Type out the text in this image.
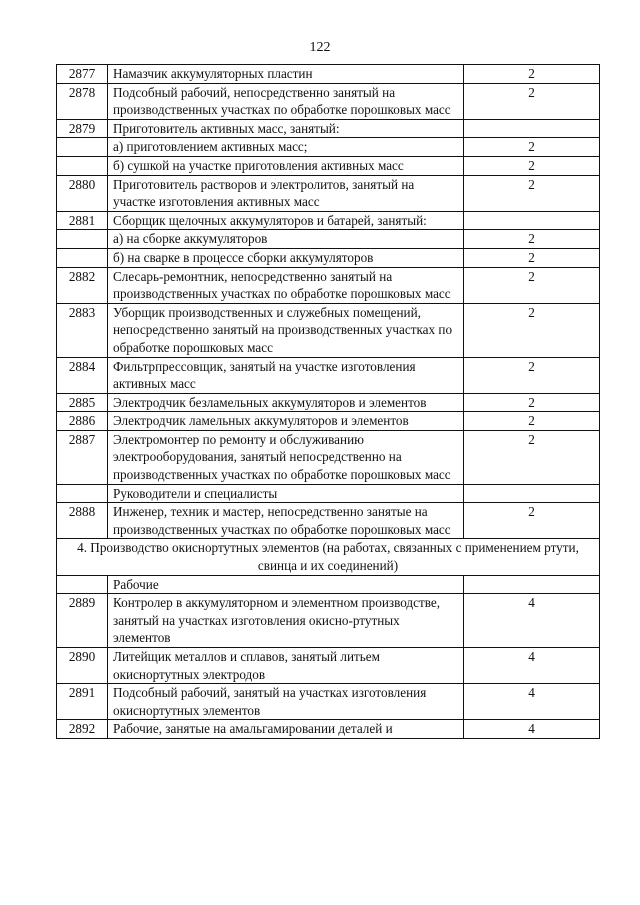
122
2877	Намазчик аккумуляторных пластин	2
2878	Подсобный рабочий, непосредственно занятый на производственных участках по обработке порошковых масс	2
2879	Приготовитель активных масс, занятый:	
	а) приготовлением активных масс;	2
	б) сушкой на участке приготовления активных масс	2
2880	Приготовитель растворов и электролитов, занятый на участке изготовления активных масс	2
2881	Сборщик щелочных аккумуляторов и батарей, занятый:	
	а) на сборке аккумуляторов	2
	б) на сварке в процессе сборки аккумуляторов	2
2882	Слесарь-ремонтник, непосредственно занятый на производственных участках по обработке порошковых масс	2
2883	Уборщик производственных и служебных помещений, непосредственно занятый на производственных участках по обработке порошковых масс	2
2884	Фильтрпрессовщик, занятый на участке изготовления активных масс	2
2885	Электродчик безламельных аккумуляторов и элементов	2
2886	Электродчик ламельных аккумуляторов и элементов	2
2887	Электромонтер по ремонту и обслуживанию электрооборудования, занятый непосредственно на производственных участках по обработке порошковых масс	2
	Руководители и специалисты	
2888	Инженер, техник и мастер, непосредственно занятые на производственных участках по обработке порошковых масс	2
4. Производство окиснортутных элементов (на работах, связанных с применением ртути, свинца и их соединений)		
	Рабочие	
2889	Контролер в аккумуляторном и элементном производстве, занятый на участках изготовления окисно-ртутных элементов	4
2890	Литейщик металлов и сплавов, занятый литьем окиснортутных электродов	4
2891	Подсобный рабочий, занятый на участках изготовления окиснортутных элементов	4
2892	Рабочие, занятые на амальгамировании деталей и	4
